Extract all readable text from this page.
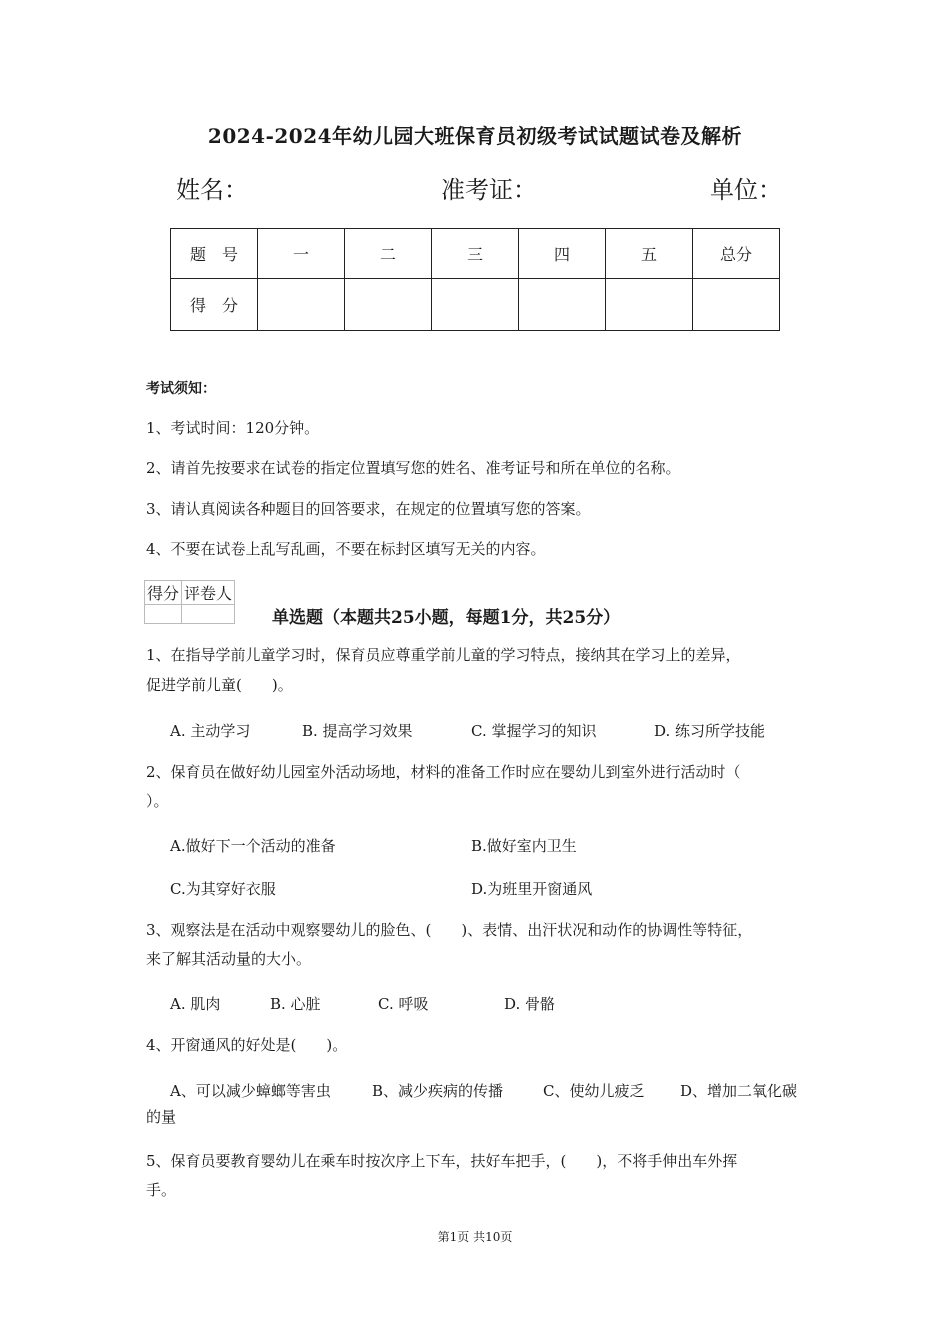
2024-2024年幼儿园大班保育员初级考试试题试卷及解析
姓名：	准考证：	单位：
题　号	一	二	三	四	五	总分
得　分						
考试须知：
1、考试时间：120分钟。
2、请首先按要求在试卷的指定位置填写您的姓名、准考证号和所在单位的名称。
3、请认真阅读各种题目的回答要求，在规定的位置填写您的答案。
4、不要在试卷上乱写乱画，不要在标封区填写无关的内容。
得分	评卷人

单选题（本题共25小题，每题1分，共25分）
1、在指导学前儿童学习时，保育员应尊重学前儿童的学习特点，接纳其在学习上的差异，
促进学前儿童(　　)。
A. 主动学习	B. 提高学习效果	C. 掌握学习的知识	D. 练习所学技能
2、保育员在做好幼儿园室外活动场地，材料的准备工作时应在婴幼儿到室外进行活动时（
）。
A.做好下一个活动的准备	B.做好室内卫生
C.为其穿好衣服	D.为班里开窗通风
3、观察法是在活动中观察婴幼儿的脸色、(　　)、表情、出汗状况和动作的协调性等特征，
来了解其活动量的大小。
A. 肌肉	B. 心脏	C. 呼吸	D. 骨骼
4、开窗通风的好处是(　　)。
A、可以减少蟑螂等害虫	B、减少疾病的传播	C、使幼儿疲乏 D、增加二氧化碳
的量
5、保育员要教育婴幼儿在乘车时按次序上下车，扶好车把手，(　　)，不将手伸出车外挥
手。
第1页 共10页
